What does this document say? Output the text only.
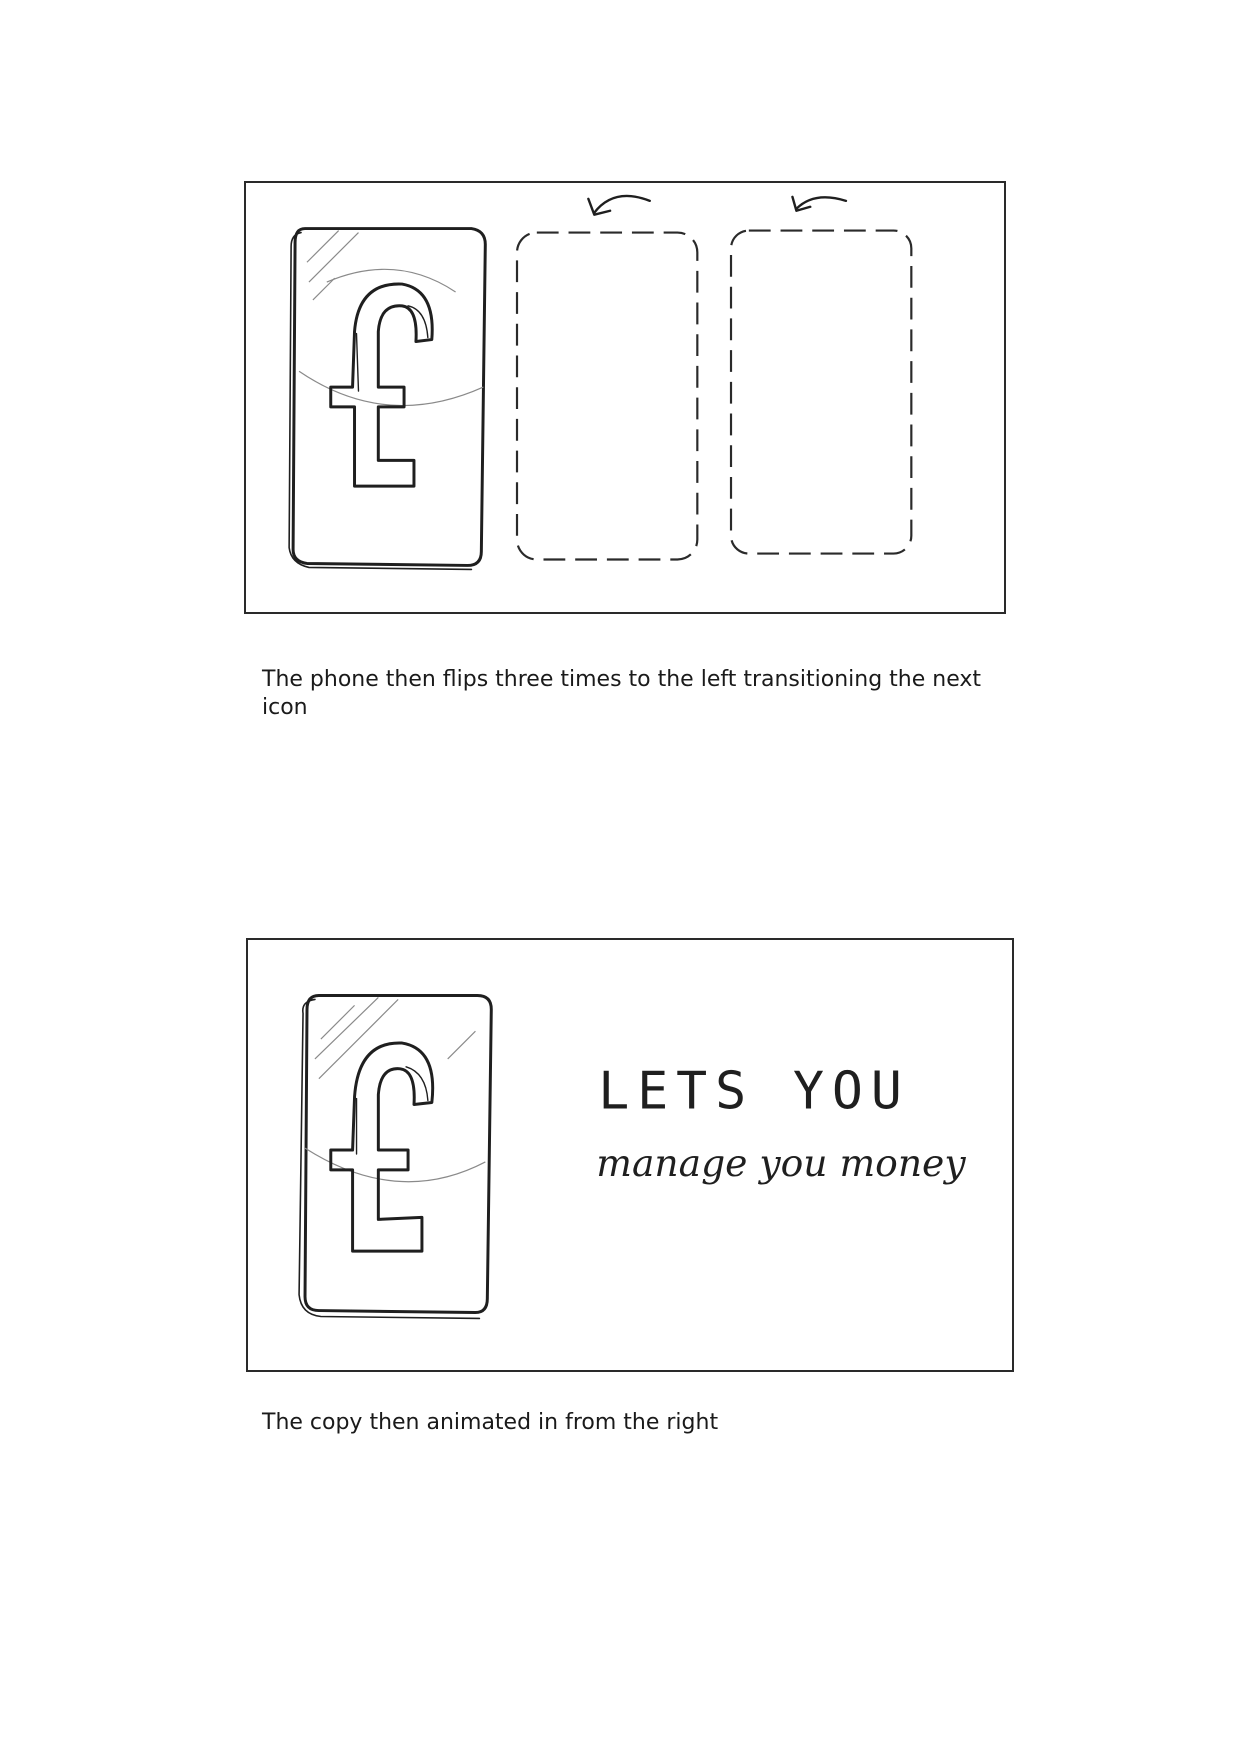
The phone then flips three times to the left transitioning the next icon
LETS YOU
manage you money
The copy then animated in from the right
